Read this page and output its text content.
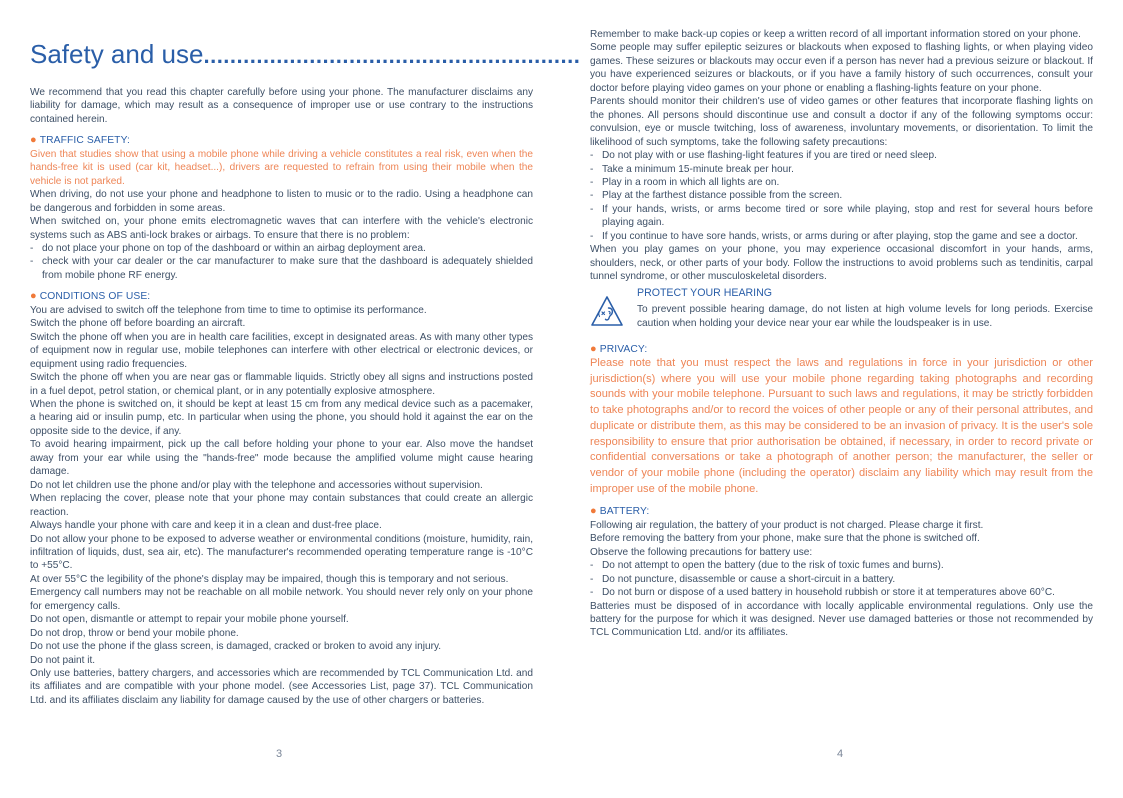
Safety and use.........................................................

We recommend that you read this chapter carefully before using your phone. The manufacturer disclaims any liability for damage, which may result as a consequence of improper use or use contrary to the instructions contained herein.

● TRAFFIC SAFETY:

Given that studies show that using a mobile phone while driving a vehicle constitutes a real risk, even when the hands-free kit is used (car kit, headset...), drivers are requested to refrain from using their mobile when the vehicle is not parked.

When driving, do not use your phone and headphone to listen to music or to the radio. Using a headphone can be dangerous and forbidden in some areas.

When switched on, your phone emits electromagnetic waves that can interfere with the vehicle's electronic systems such as ABS anti-lock brakes or airbags. To ensure that there is no problem:

- do not place your phone on top of the dashboard or within an airbag deployment area.

- check with your car dealer or the car manufacturer to make sure that the dashboard is adequately shielded from mobile phone RF energy.

● CONDITIONS OF USE:

You are advised to switch off the telephone from time to time to optimise its performance.

Switch the phone off before boarding an aircraft.

Switch the phone off when you are in health care facilities, except in designated areas. As with many other types of equipment now in regular use, mobile telephones can interfere with other electrical or electronic devices, or equipment using radio frequencies.

Switch the phone off when you are near gas or flammable liquids. Strictly obey all signs and instructions posted in a fuel depot, petrol station, or chemical plant, or in any potentially explosive atmosphere.

When the phone is switched on, it should be kept at least 15 cm from any medical device such as a pacemaker, a hearing aid or insulin pump, etc. In particular when using the phone, you should hold it against the ear on the opposite side to the device, if any.

To avoid hearing impairment, pick up the call before holding your phone to your ear. Also move the handset away from your ear while using the "hands-free" mode because the amplified volume might cause hearing damage.

Do not let children use the phone and/or play with the telephone and accessories without supervision.

When replacing the cover, please note that your phone may contain substances that could create an allergic reaction.

Always handle your phone with care and keep it in a clean and dust-free place.

Do not allow your phone to be exposed to adverse weather or environmental conditions (moisture, humidity, rain, infiltration of liquids, dust, sea air, etc). The manufacturer's recommended operating temperature range is -10°C to +55°C.

At over 55°C the legibility of the phone's display may be impaired, though this is temporary and not serious.

Emergency call numbers may not be reachable on all mobile network. You should never rely only on your phone for emergency calls.

Do not open, dismantle or attempt to repair your mobile phone yourself.

Do not drop, throw or bend your mobile phone.

Do not use the phone if the glass screen, is damaged, cracked or broken to avoid any injury.

Do not paint it.

Only use batteries, battery chargers, and accessories which are recommended by TCL Communication Ltd. and its affiliates and are compatible with your phone model. (see Accessories List, page 37). TCL Communication Ltd. and its affiliates disclaim any liability for damage caused by the use of other chargers or batteries.

3

Remember to make back-up copies or keep a written record of all important information stored on your phone.

Some people may suffer epileptic seizures or blackouts when exposed to flashing lights, or when playing video games. These seizures or blackouts may occur even if a person has never had a previous seizure or blackout. If you have experienced seizures or blackouts, or if you have a family history of such occurrences, consult your doctor before playing video games on your phone or enabling a flashing-lights feature on your phone.

Parents should monitor their children's use of video games or other features that incorporate flashing lights on the phones. All persons should discontinue use and consult a doctor if any of the following symptoms occur: convulsion, eye or muscle twitching, loss of awareness, involuntary movements, or disorientation. To limit the likelihood of such symptoms, take the following safety precautions:

- Do not play with or use flashing-light features if you are tired or need sleep.

- Take a minimum 15-minute break per hour.

- Play in a room in which all lights are on.

- Play at the farthest distance possible from the screen.

- If your hands, wrists, or arms become tired or sore while playing, stop and rest for several hours before playing again.

- If you continue to have sore hands, wrists, or arms during or after playing, stop the game and see a doctor.

When you play games on your phone, you may experience occasional discomfort in your hands, arms, shoulders, neck, or other parts of your body. Follow the instructions to avoid problems such as tendinitis, carpal tunnel syndrome, or other musculoskeletal disorders.

PROTECT YOUR HEARING

To prevent possible hearing damage, do not listen at high volume levels for long periods. Exercise caution when holding your device near your ear while the loudspeaker is in use.

● PRIVACY:

Please note that you must respect the laws and regulations in force in your jurisdiction or other jurisdiction(s) where you will use your mobile phone regarding taking photographs and recording sounds with your mobile telephone. Pursuant to such laws and regulations, it may be strictly forbidden to take photographs and/or to record the voices of other people or any of their personal attributes, and duplicate or distribute them, as this may be considered to be an invasion of privacy. It is the user's sole responsibility to ensure that prior authorisation be obtained, if necessary, in order to record private or confidential conversations or take a photograph of another person; the manufacturer, the seller or vendor of your mobile phone (including the operator) disclaim any liability which may result from the improper use of the mobile phone.

● BATTERY:

Following air regulation, the battery of your product is not charged. Please charge it first.

Before removing the battery from your phone, make sure that the phone is switched off.

Observe the following precautions for battery use:

- Do not attempt to open the battery (due to the risk of toxic fumes and burns).

- Do not puncture, disassemble or cause a short-circuit in a battery.

- Do not burn or dispose of a used battery in household rubbish or store it at temperatures above 60°C.

Batteries must be disposed of in accordance with locally applicable environmental regulations. Only use the battery for the purpose for which it was designed. Never use damaged batteries or those not recommended by TCL Communication Ltd. and/or its affiliates.

4
